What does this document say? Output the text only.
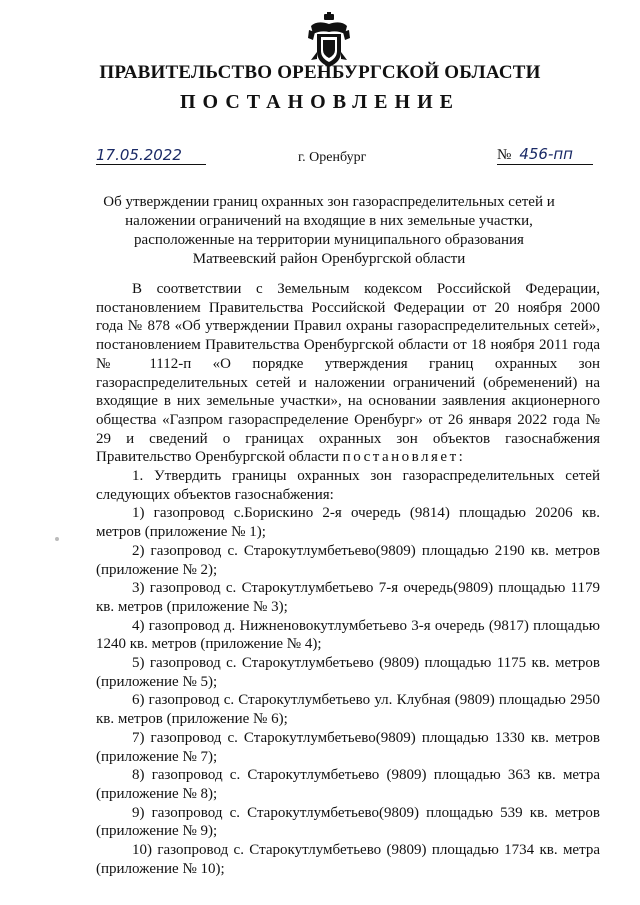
ПРАВИТЕЛЬСТВО ОРЕНБУРГСКОЙ ОБЛАСТИ
ПОСТАНОВЛЕНИЕ
17.05.2022	г. Оренбург	№ 456-пп
Об утверждении границ охранных зон газораспределительных сетей и наложении ограничений на входящие в них земельные участки, расположенные на территории муниципального образования Матвеевский район Оренбургской области

В соответствии с Земельным кодексом Российской Федерации, постановлением Правительства Российской Федерации от 20 ноября 2000 года № 878 «Об утверждении Правил охраны газораспределительных сетей», постановлением Правительства Оренбургской области от 18 ноября 2011 года № 1112-п «О порядке утверждения границ охранных зон газораспределительных сетей и наложении ограничений (обременений) на входящие в них земельные участки», на основании заявления акционерного общества «Газпром газораспределение Оренбург» от 26 января 2022 года № 29 и сведений о границах охранных зон объектов газоснабжения Правительство Оренбургской области постановляет:

1. Утвердить границы охранных зон газораспределительных сетей следующих объектов газоснабжения:

1) газопровод с.Борискино 2-я очередь (9814) площадью 20206 кв. метров (приложение № 1);

2) газопровод с. Старокутлумбетьево(9809) площадью 2190 кв. метров (приложение № 2);

3) газопровод с. Старокутлумбетьево 7-я очередь(9809) площадью 1179 кв. метров (приложение № 3);

4) газопровод д. Нижненовокутлумбетьево 3-я очередь (9817) площадью 1240 кв. метров (приложение № 4);

5) газопровод с. Старокутлумбетьево (9809) площадью 1175 кв. метров (приложение № 5);

6) газопровод с. Старокутлумбетьево ул. Клубная (9809) площадью 2950 кв. метров (приложение № 6);

7) газопровод с. Старокутлумбетьево(9809) площадью 1330 кв. метров (приложение № 7);

8) газопровод с. Старокутлумбетьево (9809) площадью 363 кв. метра (приложение № 8);

9) газопровод с. Старокутлумбетьево(9809) площадью 539 кв. метров (приложение № 9);

10) газопровод с. Старокутлумбетьево (9809) площадью 1734 кв. метра (приложение № 10);
